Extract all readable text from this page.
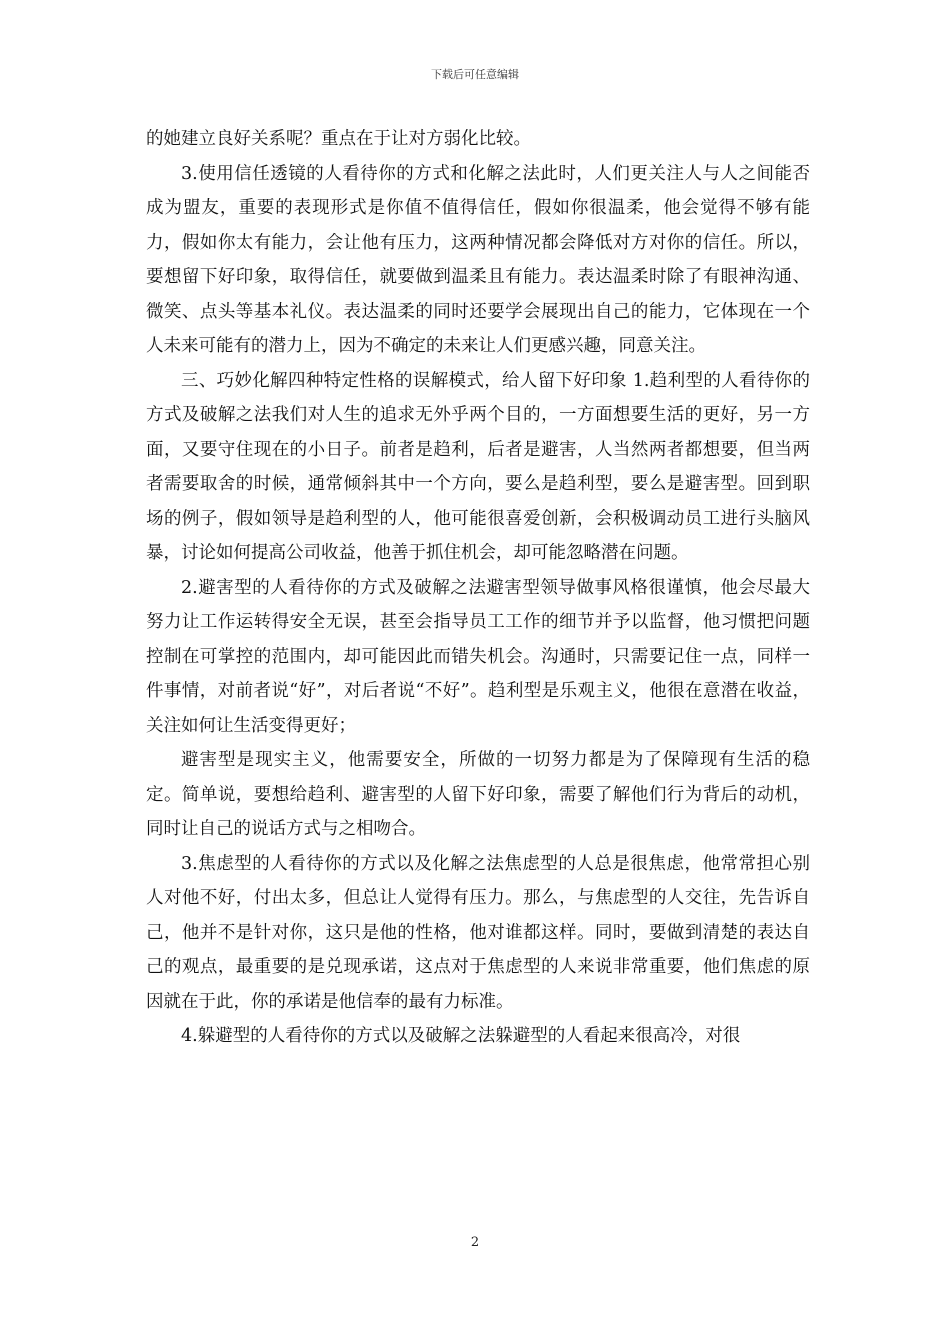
下载后可任意编辑

的她建立良好关系呢？重点在于让对方弱化比较。

3.使用信任透镜的人看待你的方式和化解之法此时，人们更关注人与人之间能否成为盟友，重要的表现形式是你值不值得信任，假如你很温柔，他会觉得不够有能力，假如你太有能力，会让他有压力，这两种情况都会降低对方对你的信任。所以，要想留下好印象，取得信任，就要做到温柔且有能力。表达温柔时除了有眼神沟通、微笑、点头等基本礼仪。表达温柔的同时还要学会展现出自己的能力，它体现在一个人未来可能有的潜力上，因为不确定的未来让人们更感兴趣，同意关注。

三、巧妙化解四种特定性格的误解模式，给人留下好印象 1.趋利型的人看待你的方式及破解之法我们对人生的追求无外乎两个目的，一方面想要生活的更好，另一方面，又要守住现在的小日子。前者是趋利，后者是避害，人当然两者都想要，但当两者需要取舍的时候，通常倾斜其中一个方向，要么是趋利型，要么是避害型。回到职场的例子，假如领导是趋利型的人，他可能很喜爱创新，会积极调动员工进行头脑风暴，讨论如何提高公司收益，他善于抓住机会，却可能忽略潜在问题。

2.避害型的人看待你的方式及破解之法避害型领导做事风格很谨慎，他会尽最大努力让工作运转得安全无误，甚至会指导员工工作的细节并予以监督，他习惯把问题控制在可掌控的范围内，却可能因此而错失机会。沟通时，只需要记住一点，同样一件事情，对前者说“好”，对后者说“不好”。趋利型是乐观主义，他很在意潜在收益，关注如何让生活变得更好；

避害型是现实主义，他需要安全，所做的一切努力都是为了保障现有生活的稳定。简单说，要想给趋利、避害型的人留下好印象，需要了解他们行为背后的动机，同时让自己的说话方式与之相吻合。

3.焦虑型的人看待你的方式以及化解之法焦虑型的人总是很焦虑，他常常担心别人对他不好，付出太多，但总让人觉得有压力。那么，与焦虑型的人交往，先告诉自己，他并不是针对你，这只是他的性格，他对谁都这样。同时，要做到清楚的表达自己的观点，最重要的是兑现承诺，这点对于焦虑型的人来说非常重要，他们焦虑的原因就在于此，你的承诺是他信奉的最有力标准。

4.躲避型的人看待你的方式以及破解之法躲避型的人看起来很高冷，对很

2
